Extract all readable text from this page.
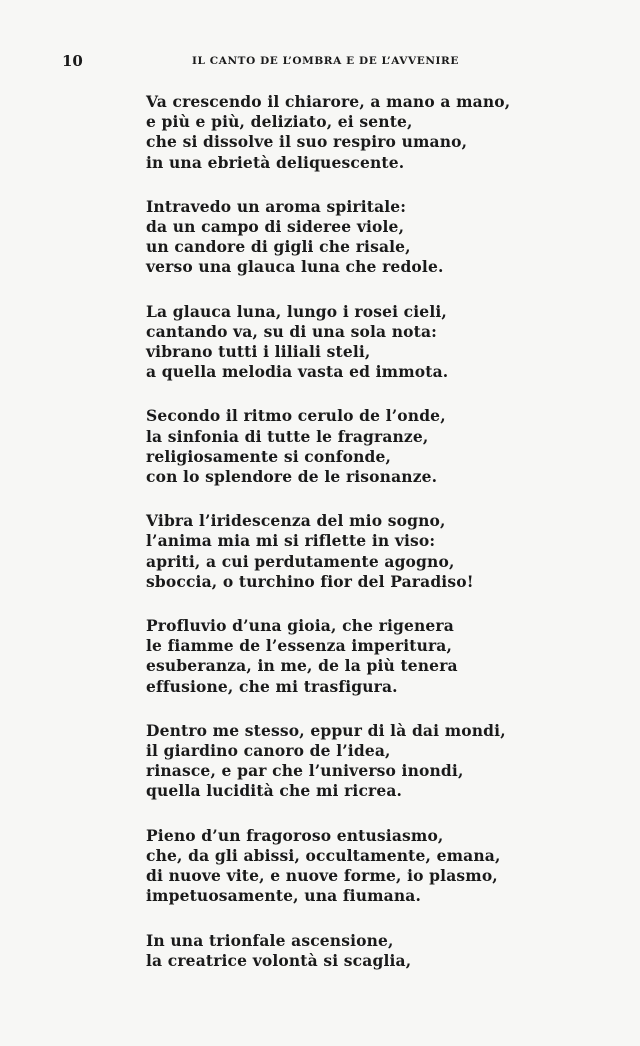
10	IL CANTO DE L’OMBRA E DE L’AVVENIRE
Va crescendo il chiarore, a mano a mano,
e più e più, deliziato, ei sente,
che si dissolve il suo respiro umano,
in una ebrietà deliquescente.
Intravedo un aroma spiritale:
da un campo di sideree viole,
un candore di gigli che risale,
verso una glauca luna che redole.
La glauca luna, lungo i rosei cieli,
cantando va, su di una sola nota:
vibrano tutti i liliali steli,
a quella melodia vasta ed immota.
Secondo il ritmo cerulo de l’onde,
la sinfonia di tutte le fragranze,
religiosamente si confonde,
con lo splendore de le risonanze.
Vibra l’iridescenza del mio sogno,
l’anima mia mi si riflette in viso:
apriti, a cui perdutamente agogno,
sboccia, o turchino fior del Paradiso!
Profluvio d’una gioia, che rigenera
le fiamme de l’essenza imperitura,
esuberanza, in me, de la più tenera
effusione, che mi trasfigura.
Dentro me stesso, eppur di là dai mondi,
il giardino canoro de l’idea,
rinasce, e par che l’universo inondi,
quella lucidità che mi ricrea.
Pieno d’un fragoroso entusiasmo,
che, da gli abissi, occultamente, emana,
di nuove vite, e nuove forme, io plasmo,
impetuosamente, una fiumana.
In una trionfale ascensione,
la creatrice volontà si scaglia,
